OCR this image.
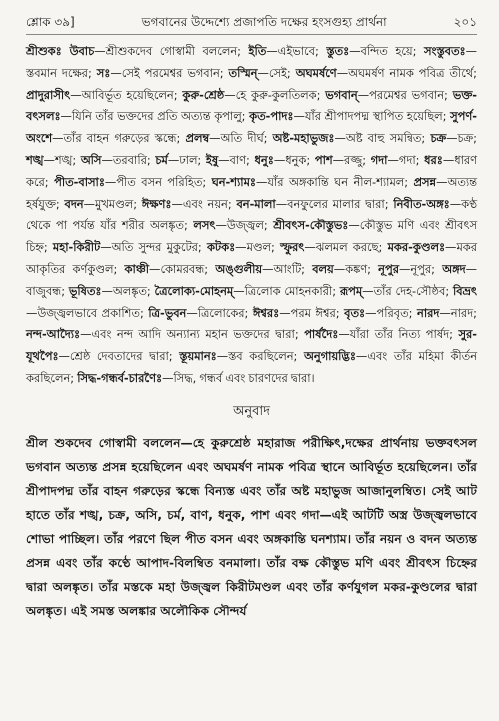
শ্লোক ৩৯]	ভগবানের উদ্দেশ্যে প্রজাপতি দক্ষের হংসগুহ্য প্রার্থনা	২০১
শ্রীশুকঃ উবাচ—শ্রীশুকদেব গোস্বামী বললেন; ইতি—এইভাবে; স্তুতঃ—বন্দিত হয়ে; সংস্তুবতঃ—স্তবমান দক্ষের; সঃ—সেই পরমেশ্বর ভগবান; তস্মিন্—সেই; অঘমর্ষণে—অঘমর্ষণ নামক পবিত্র তীর্থে; প্রাদুরাসীৎ—আবির্ভূত হয়েছিলেন; কুরু-শ্রেষ্ঠ—হে কুরু-কুলতিলক; ভগবান্—পরমেশ্বর ভগবান; ভক্ত-বৎসলঃ—যিনি তাঁর ভক্তদের প্রতি অত্যন্ত কৃপালু; কৃত-পাদঃ—যাঁর শ্রীপাদপদ্ম স্থাপিত হয়েছিল; সুপর্ণ-অংশে—তাঁর বাহন গরুড়ের স্কন্ধে; প্রলম্ব—অতি দীর্ঘ; অষ্ট-মহাভুজঃ—অষ্ট বাহু সমন্বিত; চক্র—চক্র; শঙ্খ—শঙ্খ; অসি—তরবারি; চর্ম—ঢাল; ইষু—বাণ; ধনুঃ—ধনুক; পাশ—রজ্জু; গদা—গদা; ধরঃ—ধারণ করে; পীত-বাসাঃ—পীত বসন পরিহিত; ঘন-শ্যামঃ—যাঁর অঙ্গকান্তি ঘন নীল-শ্যামল; প্রসন্ন—অত্যন্ত হর্ষযুক্ত; বদন—মুখমণ্ডল; ঈক্ষণঃ—এবং নয়ন; বন-মালা—বনফুলের মালার দ্বারা; নিবীত-অঙ্গঃ—কণ্ঠ থেকে পা পর্যন্ত যাঁর শরীর অলঙ্কৃত; লসৎ—উজ্জ্বল; শ্রীবৎস-কৌস্তুভঃ—কৌস্তুভ মণি এবং শ্রীবৎস চিহ্ন; মহা-কিরীট—অতি সুন্দর মুকুটের; কটকঃ—মণ্ডল; স্ফুরৎ—ঝলমল করছে; মকর-কুণ্ডলঃ—মকর আকৃতির কর্ণকুণ্ডল; কাঞ্চী—কোমরবন্ধ; অঙ্গুলীয়—আংটি; বলয়—কঙ্কণ; নূপুর—নূপুর; অঙ্গদ—বাজুবন্ধ; ভূষিতঃ—অলঙ্কৃত; ত্রৈলোক্য-মোহনম্—ত্রিলোক মোহনকারী; রূপম্—তাঁর দেহ-সৌষ্ঠব; বিভ্রৎ—উজ্জ্বলভাবে প্রকাশিত; ত্রি-ভুবন—ত্রিলোকের; ঈশ্বরঃ—পরম ঈশ্বর; বৃতঃ—পরিবৃত; নারদ—নারদ; নন্দ-আদ্যৈঃ—এবং নন্দ আদি অন্যান্য মহান ভক্তদের দ্বারা; পার্ষদৈঃ—যাঁরা তাঁর নিত্য পার্ষদ; সুর-যূথপৈঃ—শ্রেষ্ঠ দেবতাদের দ্বারা; স্তূয়মানঃ—স্তব করছিলেন; অনুগায়দ্ভিঃ—এবং তাঁর মহিমা কীর্তন করছিলেন; সিদ্ধ-গন্ধর্ব-চারণৈঃ—সিদ্ধ, গন্ধর্ব এবং চারণদের দ্বারা।
অনুবাদ
শ্রীল শুকদেব গোস্বামী বললেন—হে কুরুশ্রেষ্ঠ মহারাজ পরীক্ষিৎ,দক্ষের প্রার্থনায় ভক্তবৎসল ভগবান অত্যন্ত প্রসন্ন হয়েছিলেন এবং অঘমর্ষণ নামক পবিত্র স্থানে আবির্ভূত হয়েছিলেন। তাঁর শ্রীপাদপদ্ম তাঁর বাহন গরুড়ের স্কন্ধে বিন্যস্ত এবং তাঁর অষ্ট মহাভুজ আজানুলম্বিত। সেই আট হাতে তাঁর শঙ্খ, চক্র, অসি, চর্ম, বাণ, ধনুক, পাশ এবং গদা—এই আটটি অস্ত্র উজ্জ্বলভাবে শোভা পাচ্ছিল। তাঁর পরণে ছিল পীত বসন এবং অঙ্গকান্তি ঘনশ্যাম। তাঁর নয়ন ও বদন অত্যন্ত প্রসন্ন এবং তাঁর কণ্ঠে আপাদ-বিলম্বিত বনমালা। তাঁর বক্ষ কৌস্তুভ মণি এবং শ্রীবৎস চিহ্নের দ্বারা অলঙ্কৃত। তাঁর মস্তকে মহা উজ্জ্বল কিরীটমণ্ডল এবং তাঁর কর্ণযুগল মকর-কুণ্ডলের দ্বারা অলঙ্কৃত। এই সমস্ত অলঙ্কার অলৌকিক সৌন্দর্য
